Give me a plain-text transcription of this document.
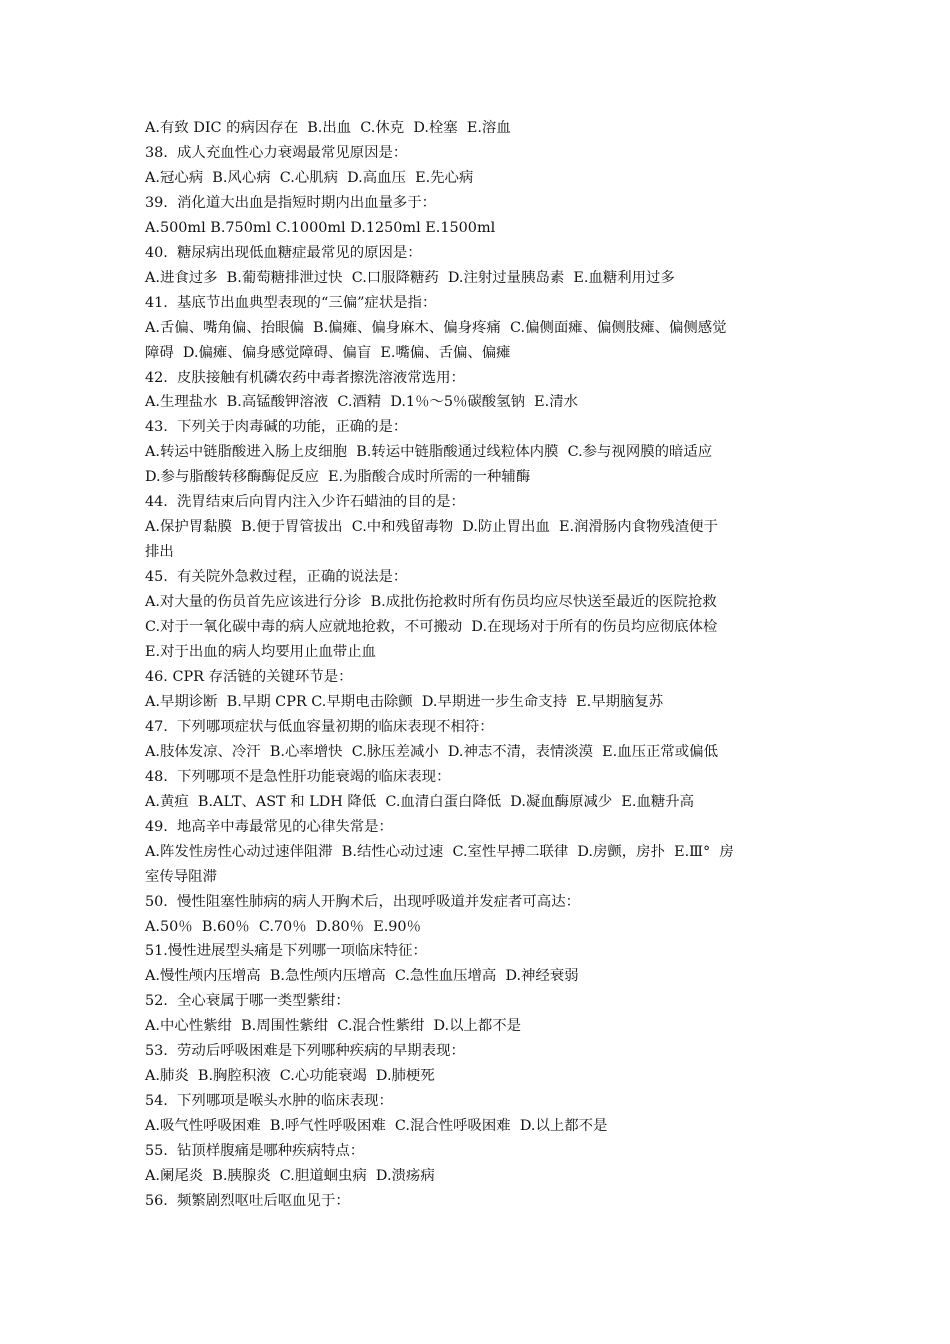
A.有致 DIC 的病因存在  B.出血  C.休克  D.栓塞  E.溶血

38.  成人充血性心力衰竭最常见原因是：

A.冠心病  B.风心病  C.心肌病  D.高血压  E.先心病

39.  消化道大出血是指短时期内出血量多于：

A.500ml B.750ml C.1000ml D.1250ml E.1500ml

40.  糖尿病出现低血糖症最常见的原因是：

A.进食过多  B.葡萄糖排泄过快  C.口服降糖药  D.注射过量胰岛素  E.血糖利用过多

41.  基底节出血典型表现的“三偏”症状是指：

A.舌偏、嘴角偏、抬眼偏  B.偏瘫、偏身麻木、偏身疼痛  C.偏侧面瘫、偏侧肢瘫、偏侧感觉

障碍  D.偏瘫、偏身感觉障碍、偏盲  E.嘴偏、舌偏、偏瘫

42.  皮肤接触有机磷农药中毒者擦洗溶液常选用：

A.生理盐水  B.高锰酸钾溶液  C.酒精  D.1％～5％碳酸氢钠  E.清水

43.  下列关于肉毒碱的功能，正确的是：

A.转运中链脂酸进入肠上皮细胞  B.转运中链脂酸通过线粒体内膜  C.参与视网膜的暗适应

D.参与脂酸转移酶酶促反应  E.为脂酸合成时所需的一种辅酶

44.  洗胃结束后向胃内注入少许石蜡油的目的是：

A.保护胃黏膜  B.便于胃管拔出  C.中和残留毒物  D.防止胃出血  E.润滑肠内食物残渣便于

排出

45.  有关院外急救过程，正确的说法是：

A.对大量的伤员首先应该进行分诊  B.成批伤抢救时所有伤员均应尽快送至最近的医院抢救

C.对于一氧化碳中毒的病人应就地抢救，不可搬动  D.在现场对于所有的伤员均应彻底体检

E.对于出血的病人均要用止血带止血

46. CPR 存活链的关键环节是：

A.早期诊断  B.早期 CPR C.早期电击除颤  D.早期进一步生命支持  E.早期脑复苏

47.  下列哪项症状与低血容量初期的临床表现不相符：

A.肢体发凉、冷汗  B.心率增快  C.脉压差减小  D.神志不清，表情淡漠  E.血压正常或偏低

48.  下列哪项不是急性肝功能衰竭的临床表现：

A.黄疸  B.ALT、AST 和 LDH 降低  C.血清白蛋白降低  D.凝血酶原减少  E.血糖升高

49.  地高辛中毒最常见的心律失常是：

A.阵发性房性心动过速伴阻滞  B.结性心动过速  C.室性早搏二联律  D.房颤，房扑  E.Ⅲ°  房

室传导阻滞

50.  慢性阻塞性肺病的病人开胸术后，出现呼吸道并发症者可高达：

A.50％  B.60％  C.70％  D.80％  E.90％

51.慢性进展型头痛是下列哪一项临床特征：

A.慢性颅内压增高  B.急性颅内压增高  C.急性血压增高  D.神经衰弱

52.  全心衰属于哪一类型紫绀：

A.中心性紫绀  B.周围性紫绀  C.混合性紫绀  D.以上都不是

53.  劳动后呼吸困难是下列哪种疾病的早期表现：

A.肺炎  B.胸腔积液  C.心功能衰竭  D.肺梗死

54.  下列哪项是喉头水肿的临床表现：

A.吸气性呼吸困难  B.呼气性呼吸困难  C.混合性呼吸困难  D.以上都不是

55.  钻顶样腹痛是哪种疾病特点：

A.阑尾炎  B.胰腺炎  C.胆道蛔虫病  D.溃疡病

56.  频繁剧烈呕吐后呕血见于：
